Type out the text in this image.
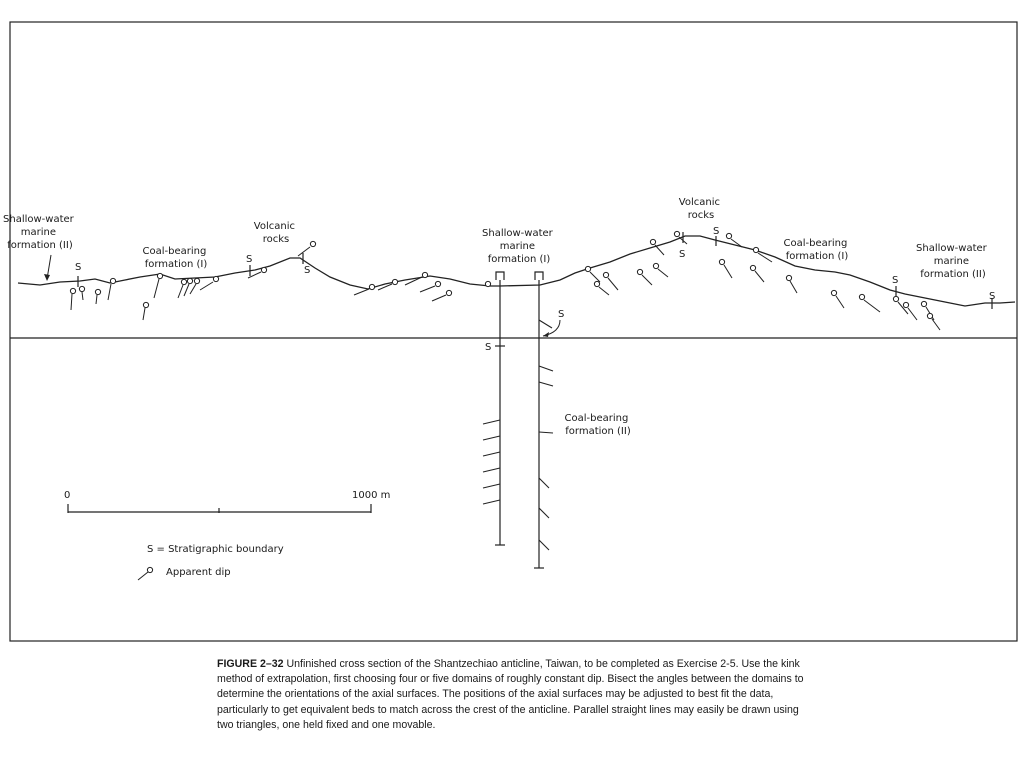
Shallow-water marine formation (II)
Coal-bearing formation (I)
Volcanic rocks
Shallow-water marine formation (I)
Volcanic rocks
Coal-bearing formation (I)
Shallow-water marine formation (II)
Coal-bearing formation (II)
S
S
S
S
S
S
S
S
S
0	1000 m
S = Stratigraphic boundary
Apparent dip
FIGURE 2–32 Unfinished cross section of the Shantzechiao anticline, Taiwan, to be completed as Exercise 2-5. Use the kink method of extrapolation, first choosing four or five domains of roughly constant dip. Bisect the angles between the domains to determine the orientations of the axial surfaces. The positions of the axial surfaces may be adjusted to best fit the data, particularly to get equivalent beds to match across the crest of the anticline. Parallel straight lines may easily be drawn using two triangles, one held fixed and one movable.
